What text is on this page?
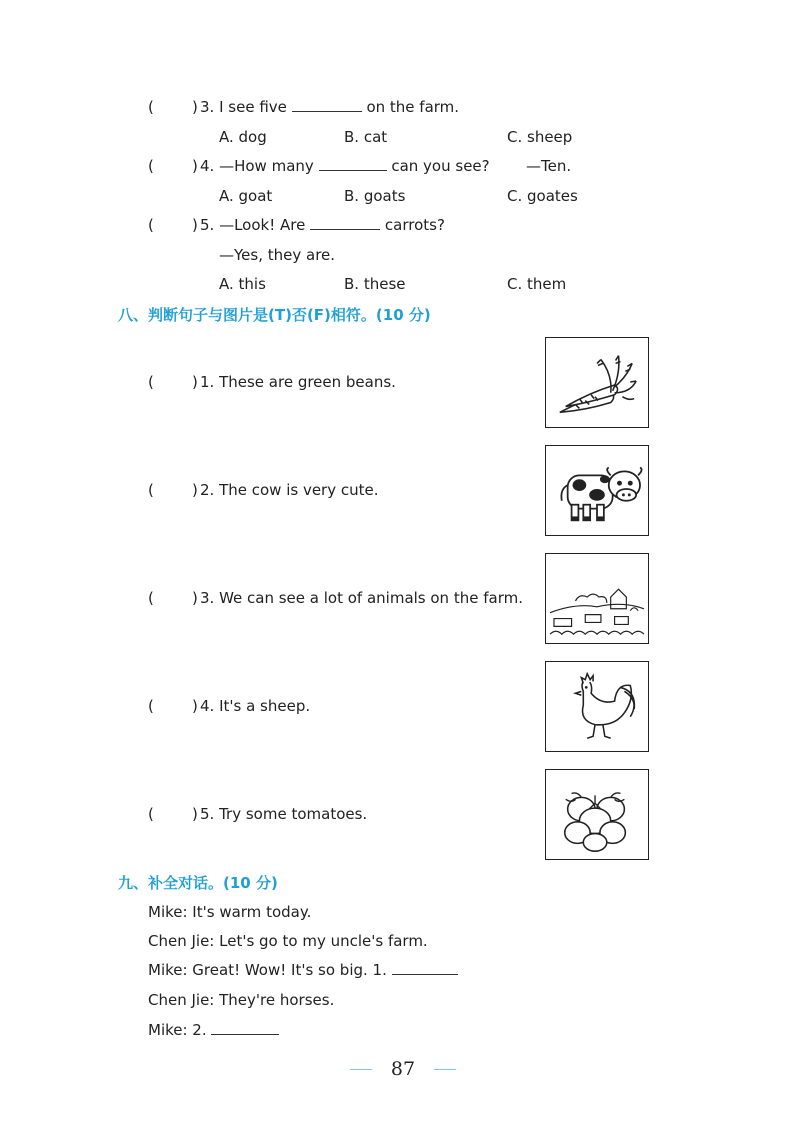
(	) 3. I see five	on the farm.
A. dog	B. cat	C. sheep
(	) 4. —How many	can you see? —Ten.
A. goat	B. goats	C. goates
(	) 5. —Look! Are	carrots?
—Yes, they are.
A. this	B. these	C. them
八、判断句子与图片是(T)否(F)相符。(10 分)
(	) 1. These are green beans.
(	) 2. The cow is very cute.
(	) 3. We can see a lot of animals on the farm.
(	) 4. It's a sheep.
(	) 5. Try some tomatoes.
九、补全对话。(10 分)
Mike: It's warm today.
Chen Jie: Let's go to my uncle's farm.
Mike: Great! Wow! It's so big. 1.
Chen Jie: They're horses.
Mike: 2.
87
